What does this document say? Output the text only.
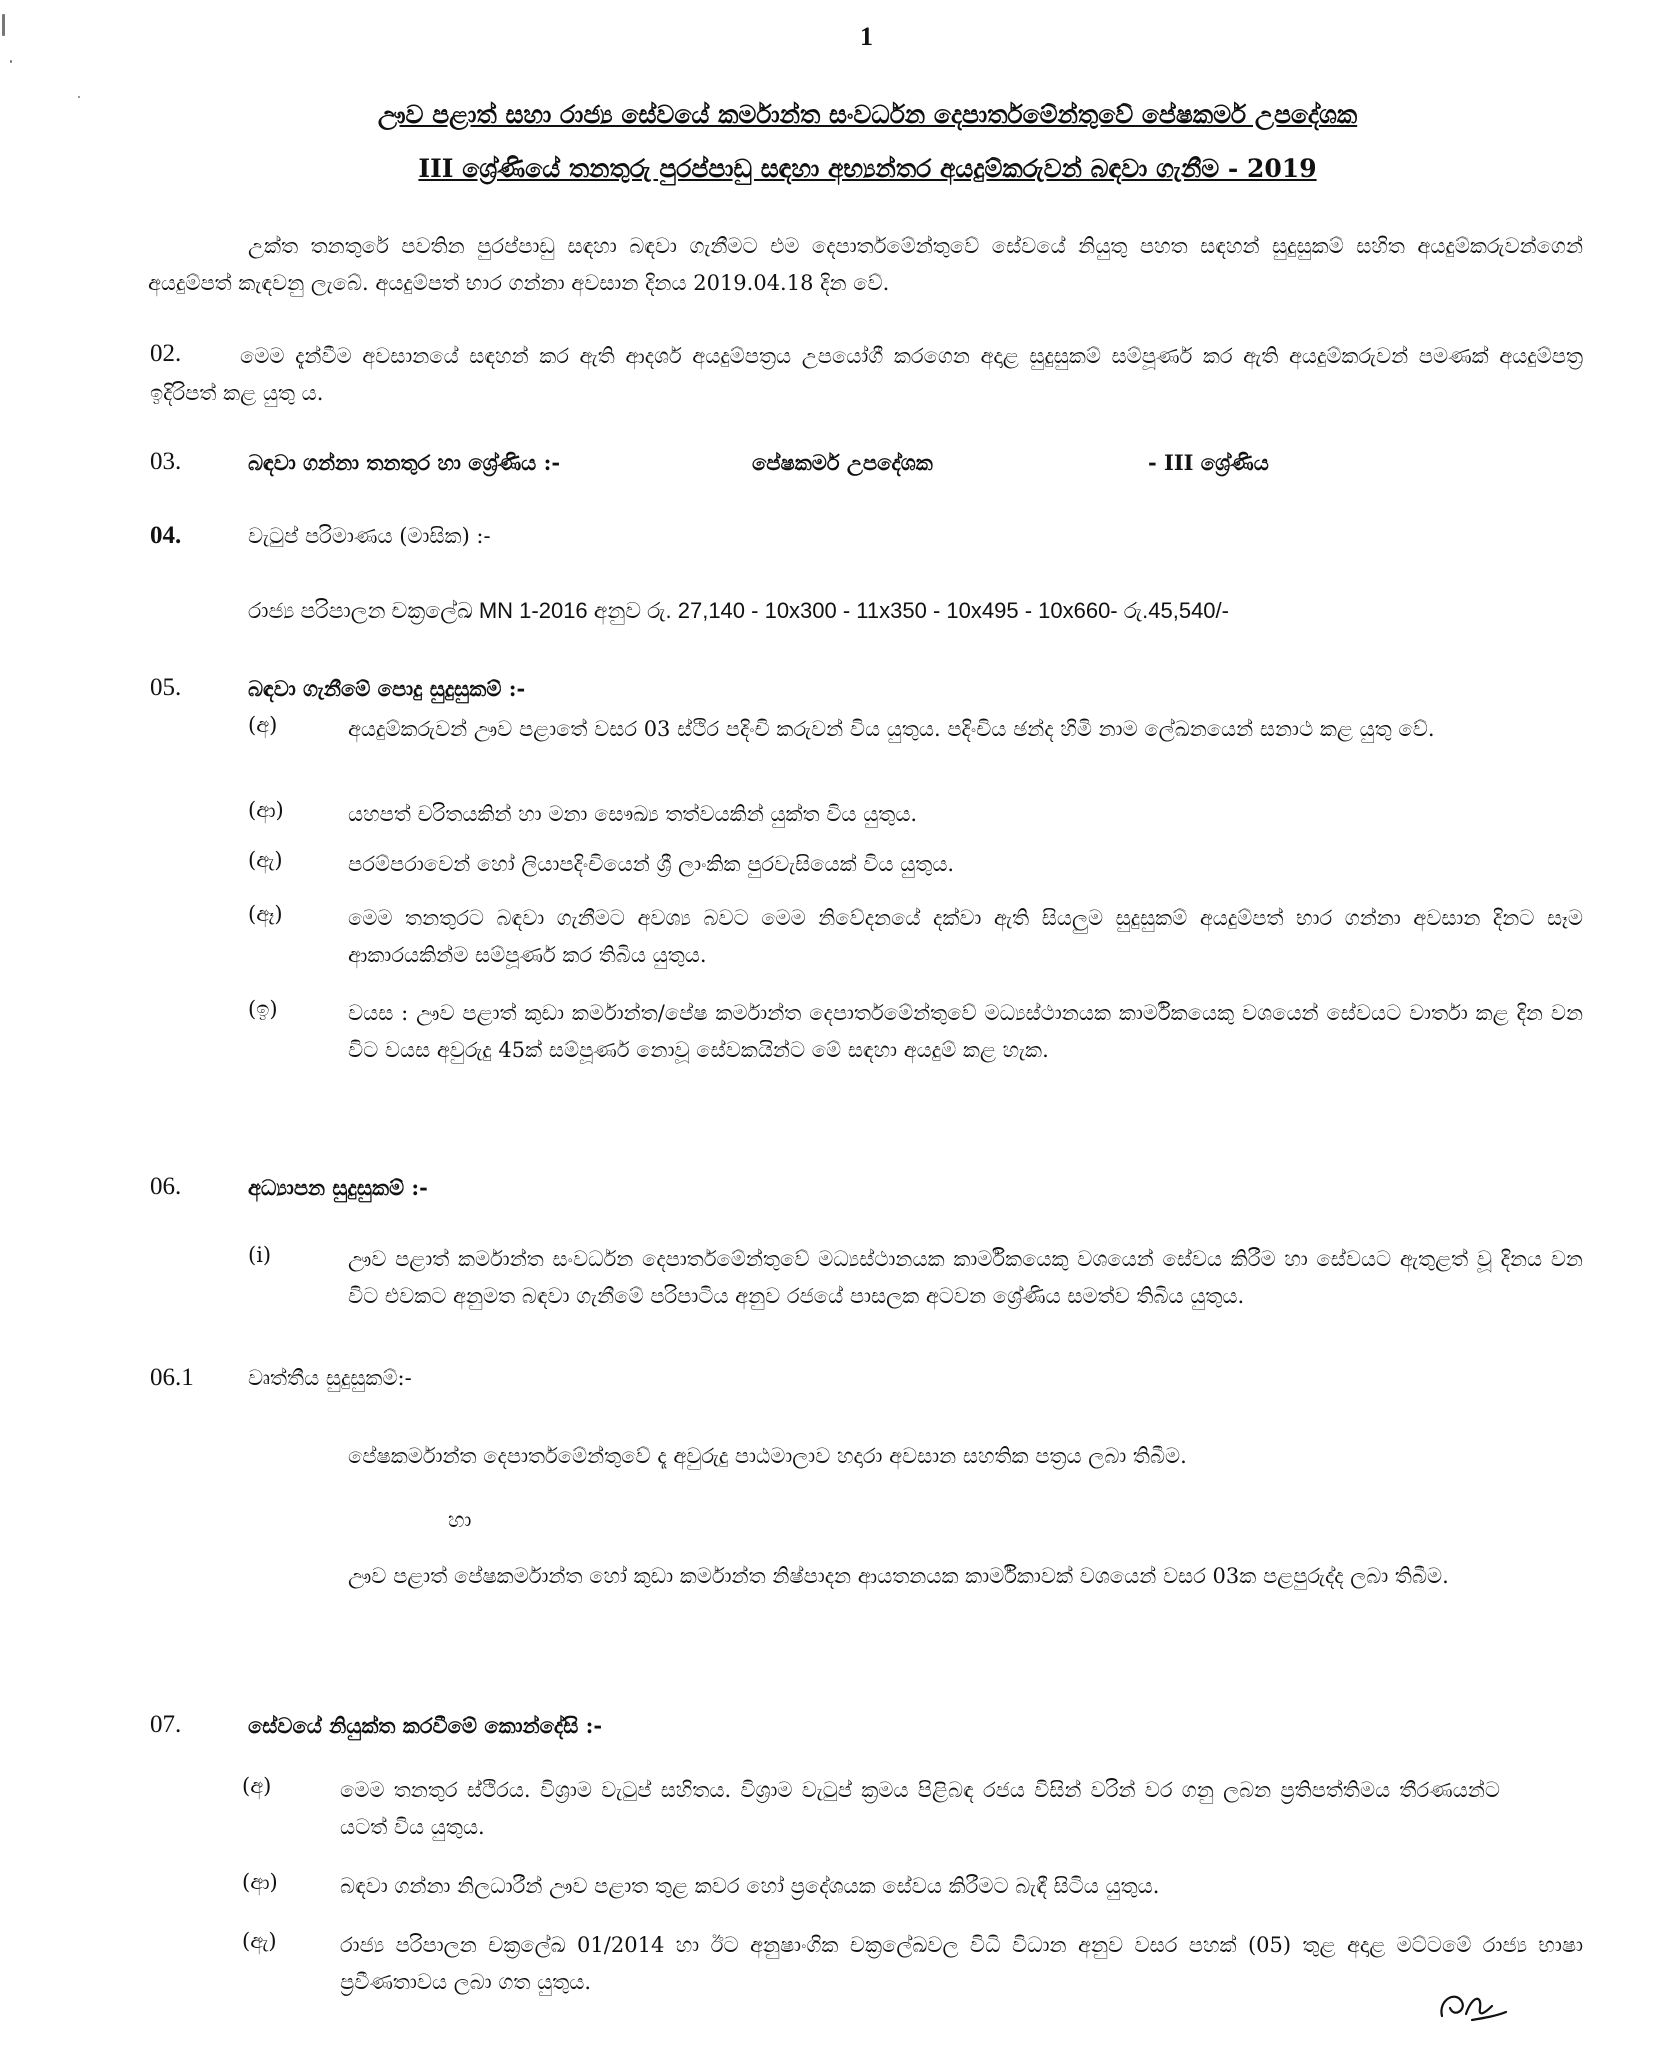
1
ඌව පළාත් සහා රාජ්‍ය සේවයේ කර්මාන්ත සංවර්ධන දෙපාර්තමේන්තුවේ පේෂකර්ම උපදේශක
III ශ්‍රේණියේ තනතුරු පුරප්පාඩු සඳහා අභ්‍යන්තර අයදුම්කරුවන් බඳවා ගැනීම - 2019
උක්ත තනතුරේ පවතින පුරප්පාඩු සඳහා බඳවා ගැනීමට එම දෙපාර්තමේන්තුවේ සේවයේ නියුතු පහත සඳහන් සුදුසුකම් සහිත අයදුම්කරුවන්ගෙන් අයදුම්පත් කැඳවනු ලැබේ. අයදුම්පත් භාර ගන්නා අවසාන දිනය 2019.04.18 දින වේ.
02.	මෙම දැන්වීම අවසානයේ සඳහන් කර ඇති ආදර්ශ අයදුම්පත්‍රය උපයෝගී කරගෙන අදාළ සුදුසුකම් සම්පූර්ණ කර ඇති අයදුම්කරුවන් පමණක් අයදුම්පත්‍ර ඉදිරිපත් කළ යුතු ය.
03.	බඳවා ගන්නා තනතුර හා ශ්‍රේණිය :-	පේෂකර්ම උපදේශක	- III ශ්‍රේණිය
04.	වැටුප් පරිමාණය (මාසික) :-
රාජ්‍ය පරිපාලන චක්‍රලේඛ MN 1-2016 අනුව රු. 27,140 - 10x300 - 11x350 - 10x495 - 10x660- රු.45,540/-
05.	බඳවා ගැනීමේ පොදු සුදුසුකම් :-
(අ)	අයදුම්කරුවන් ඌව පළාතේ වසර 03 ස්ථිර පදිංචි කරුවන් විය යුතුය. පදිංචිය ඡන්ද හිමි නාම ලේඛනයෙන් සනාථ කළ යුතු වේ.
(ආ)	යහපත් චරිතයකින් හා මනා සෞඛ්‍ය තත්වයකින් යුක්ත විය යුතුය.
(ඇ)	පරම්පරාවෙන් හෝ ලියාපදිංචියෙන් ශ්‍රී ලාංකික පුරවැසියෙක් විය යුතුය.
(ඈ)	මෙම තනතුරට බඳවා ගැනීමට අවශ්‍ය බවට මෙම නිවේදනයේ දක්වා ඇති සියලුම සුදුසුකම් අයදුම්පත් භාර ගන්නා අවසාන දිනට සෑම ආකාරයකින්ම සම්පූර්ණ කර තිබිය යුතුය.
(ඉ)	වයස : ඌව පළාත් කුඩා කර්මාන්ත/පේෂ කර්මාන්ත දෙපාර්තමේන්තුවේ මධ්‍යස්ථානයක කාර්මිකයෙකු වශයෙන් සේවයට වාර්තා කළ දින වන විට වයස අවුරුදු 45ක් සම්පූර්ණ නොවූ සේවකයින්ට මේ සඳහා අයදුම් කළ හැක.
06.	අධ්‍යාපන සුදුසුකම් :-
(i)	ඌව පළාත් කර්මාන්ත සංවර්ධන දෙපාර්තමේන්තුවේ මධ්‍යස්ථානයක කාර්මිකයෙකු වශයෙන් සේවය කිරීම හා සේවයට ඇතුළත් වූ දිනය වන විට එවකට අනුමත බඳවා ගැනීමේ පරිපාටිය අනුව රජයේ පාසලක අටවන ශ්‍රේණිය සමත්ව තිබිය යුතුය.
06.1	වෘත්තීය සුදුසුකම්:-
පේෂකර්මාන්ත දෙපාර්තමේන්තුවේ දෑ අවුරුදු පාඨමාලාව හදාරා අවසාන සහතික පත්‍රය ලබා තිබීම.
හා
ඌව පළාත් පේෂකර්මාන්ත හෝ කුඩා කර්මාන්ත නිෂ්පාදන ආයතනයක කාර්මිකාවක් වශයෙන් වසර 03ක පළපුරුද්ද ලබා තිබීම.
07.	සේවයේ නියුක්ත කරවීමේ කොන්දේසි :-
(අ)	මෙම තනතුර ස්ථිරය. විශ්‍රාම වැටුප් සහිතය. විශ්‍රාම වැටුප් ක්‍රමය පිළිබඳ රජය විසින් වරින් වර ගනු ලබන ප්‍රතිපත්තිමය තීරණයන්ට යටත් විය යුතුය.
(ආ)	බඳවා ගන්නා නිලධාරීන් ඌව පළාත තුළ කවර හෝ ප්‍රදේශයක සේවය කිරීමට බැඳී සිටිය යුතුය.
(ඇ)	රාජ්‍ය පරිපාලන චක්‍රලේඛ 01/2014 හා ඊට අනුෂාංගික චක්‍රලේඛවල විධි විධාන අනුව වසර පහක් (05) තුළ අදාළ මට්ටමේ රාජ්‍ය භාෂා ප්‍රවීණතාවය ලබා ගත යුතුය.
